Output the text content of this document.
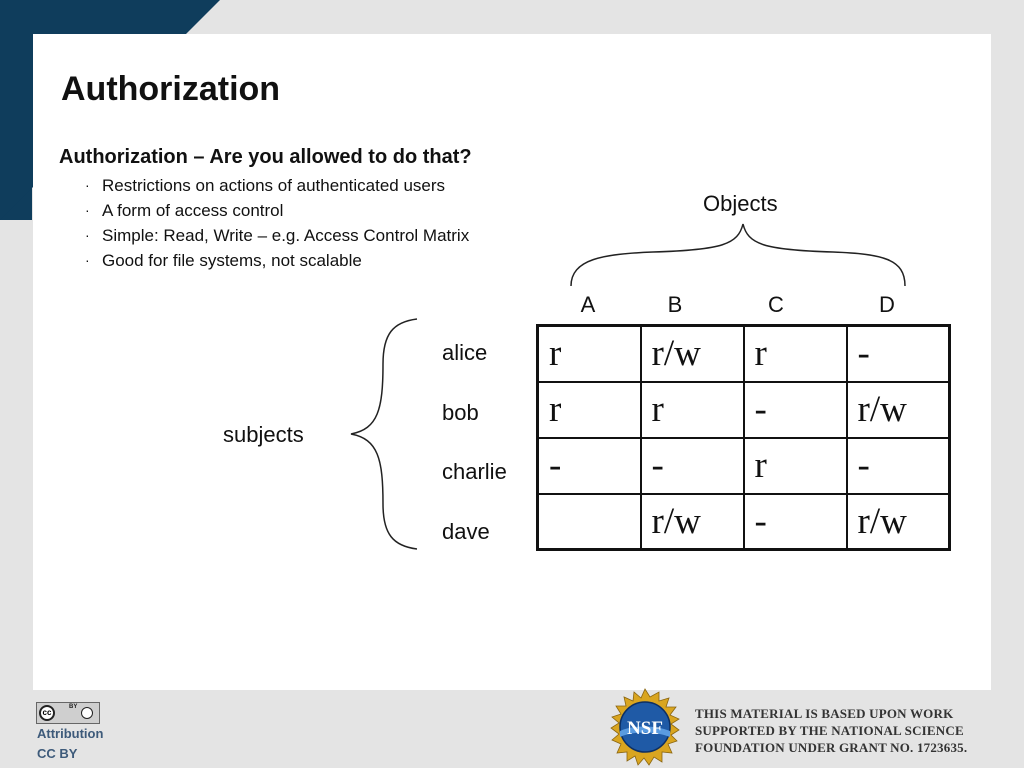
Authorization
Authorization – Are you allowed to do that?
· Restrictions on actions of authenticated users
· A form of access control
· Simple: Read, Write – e.g. Access Control Matrix
· Good for file systems, not scalable
Objects
A	B	C	D
subjects
alice
bob
charlie
dave
r	r/w	r	-
r	r	-	r/w
-	-	r	-
	r/w	-	r/w
cc
BY
Attribution
CC BY
NSF
THIS MATERIAL IS BASED UPON WORK
SUPPORTED BY THE NATIONAL SCIENCE
FOUNDATION UNDER GRANT NO. 1723635.
